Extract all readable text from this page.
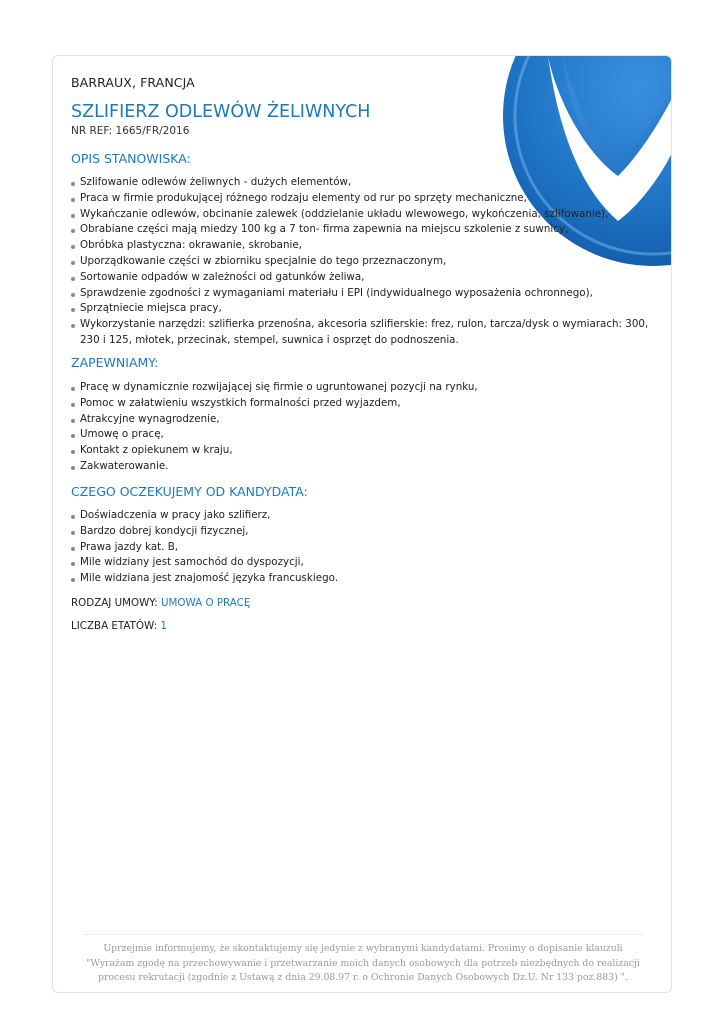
BARRAUX, FRANCJA
SZLIFIERZ ODLEWÓW ŻELIWNYCH
NR REF: 1665/FR/2016
OPIS STANOWISKA:
Szlifowanie odlewów żeliwnych - dużych elementów,
Praca w firmie produkującej różnego rodzaju elementy od rur po sprzęty mechaniczne,
Wykańczanie odlewów, obcinanie zalewek (oddzielanie układu wlewowego, wykończenia, szlifowanie),
Obrabiane części mają miedzy 100 kg a 7 ton- firma zapewnia na miejscu szkolenie z suwnicy,
Obróbka plastyczna: okrawanie, skrobanie,
Uporządkowanie części w zbiorniku specjalnie do tego przeznaczonym,
Sortowanie odpadów w zależności od gatunków żeliwa,
Sprawdzenie zgodności z wymaganiami materiału i EPI (indywidualnego wyposażenia ochronnego),
Sprzątniecie miejsca pracy,
Wykorzystanie narzędzi: szlifierka przenośna, akcesoria szlifierskie: frez, rulon, tarcza/dysk o wymiarach: 300, 230 i 125, młotek, przecinak, stempel, suwnica i osprzęt do podnoszenia.
ZAPEWNIAMY:
Pracę w dynamicznie rozwijającej się firmie o ugruntowanej pozycji na rynku,
Pomoc w załatwieniu wszystkich formalności przed wyjazdem,
Atrakcyjne wynagrodzenie,
Umowę o pracę,
Kontakt z opiekunem w kraju,
Zakwaterowanie.
CZEGO OCZEKUJEMY OD KANDYDATA:
Doświadczenia w pracy jako szlifierz,
Bardzo dobrej kondycji fizycznej,
Prawa jazdy kat. B,
Mile widziany jest samochód do dyspozycji,
Mile widziana jest znajomość języka francuskiego.
RODZAJ UMOWY: UMOWA O PRACĘ
LICZBA ETATÓW: 1
Uprzejmie informujemy, że skontaktujemy się jedynie z wybranymi kandydatami. Prosimy o dopisanie klauzuli "Wyrażam zgodę na przechowywanie i przetwarzanie moich danych osobowych dla potrzeb niezbędnych do realizacji procesu rekrutacji (zgodnie z Ustawą z dnia 29.08.97 r. o Ochronie Danych Osobowych Dz.U. Nr 133 poz.883) ".
